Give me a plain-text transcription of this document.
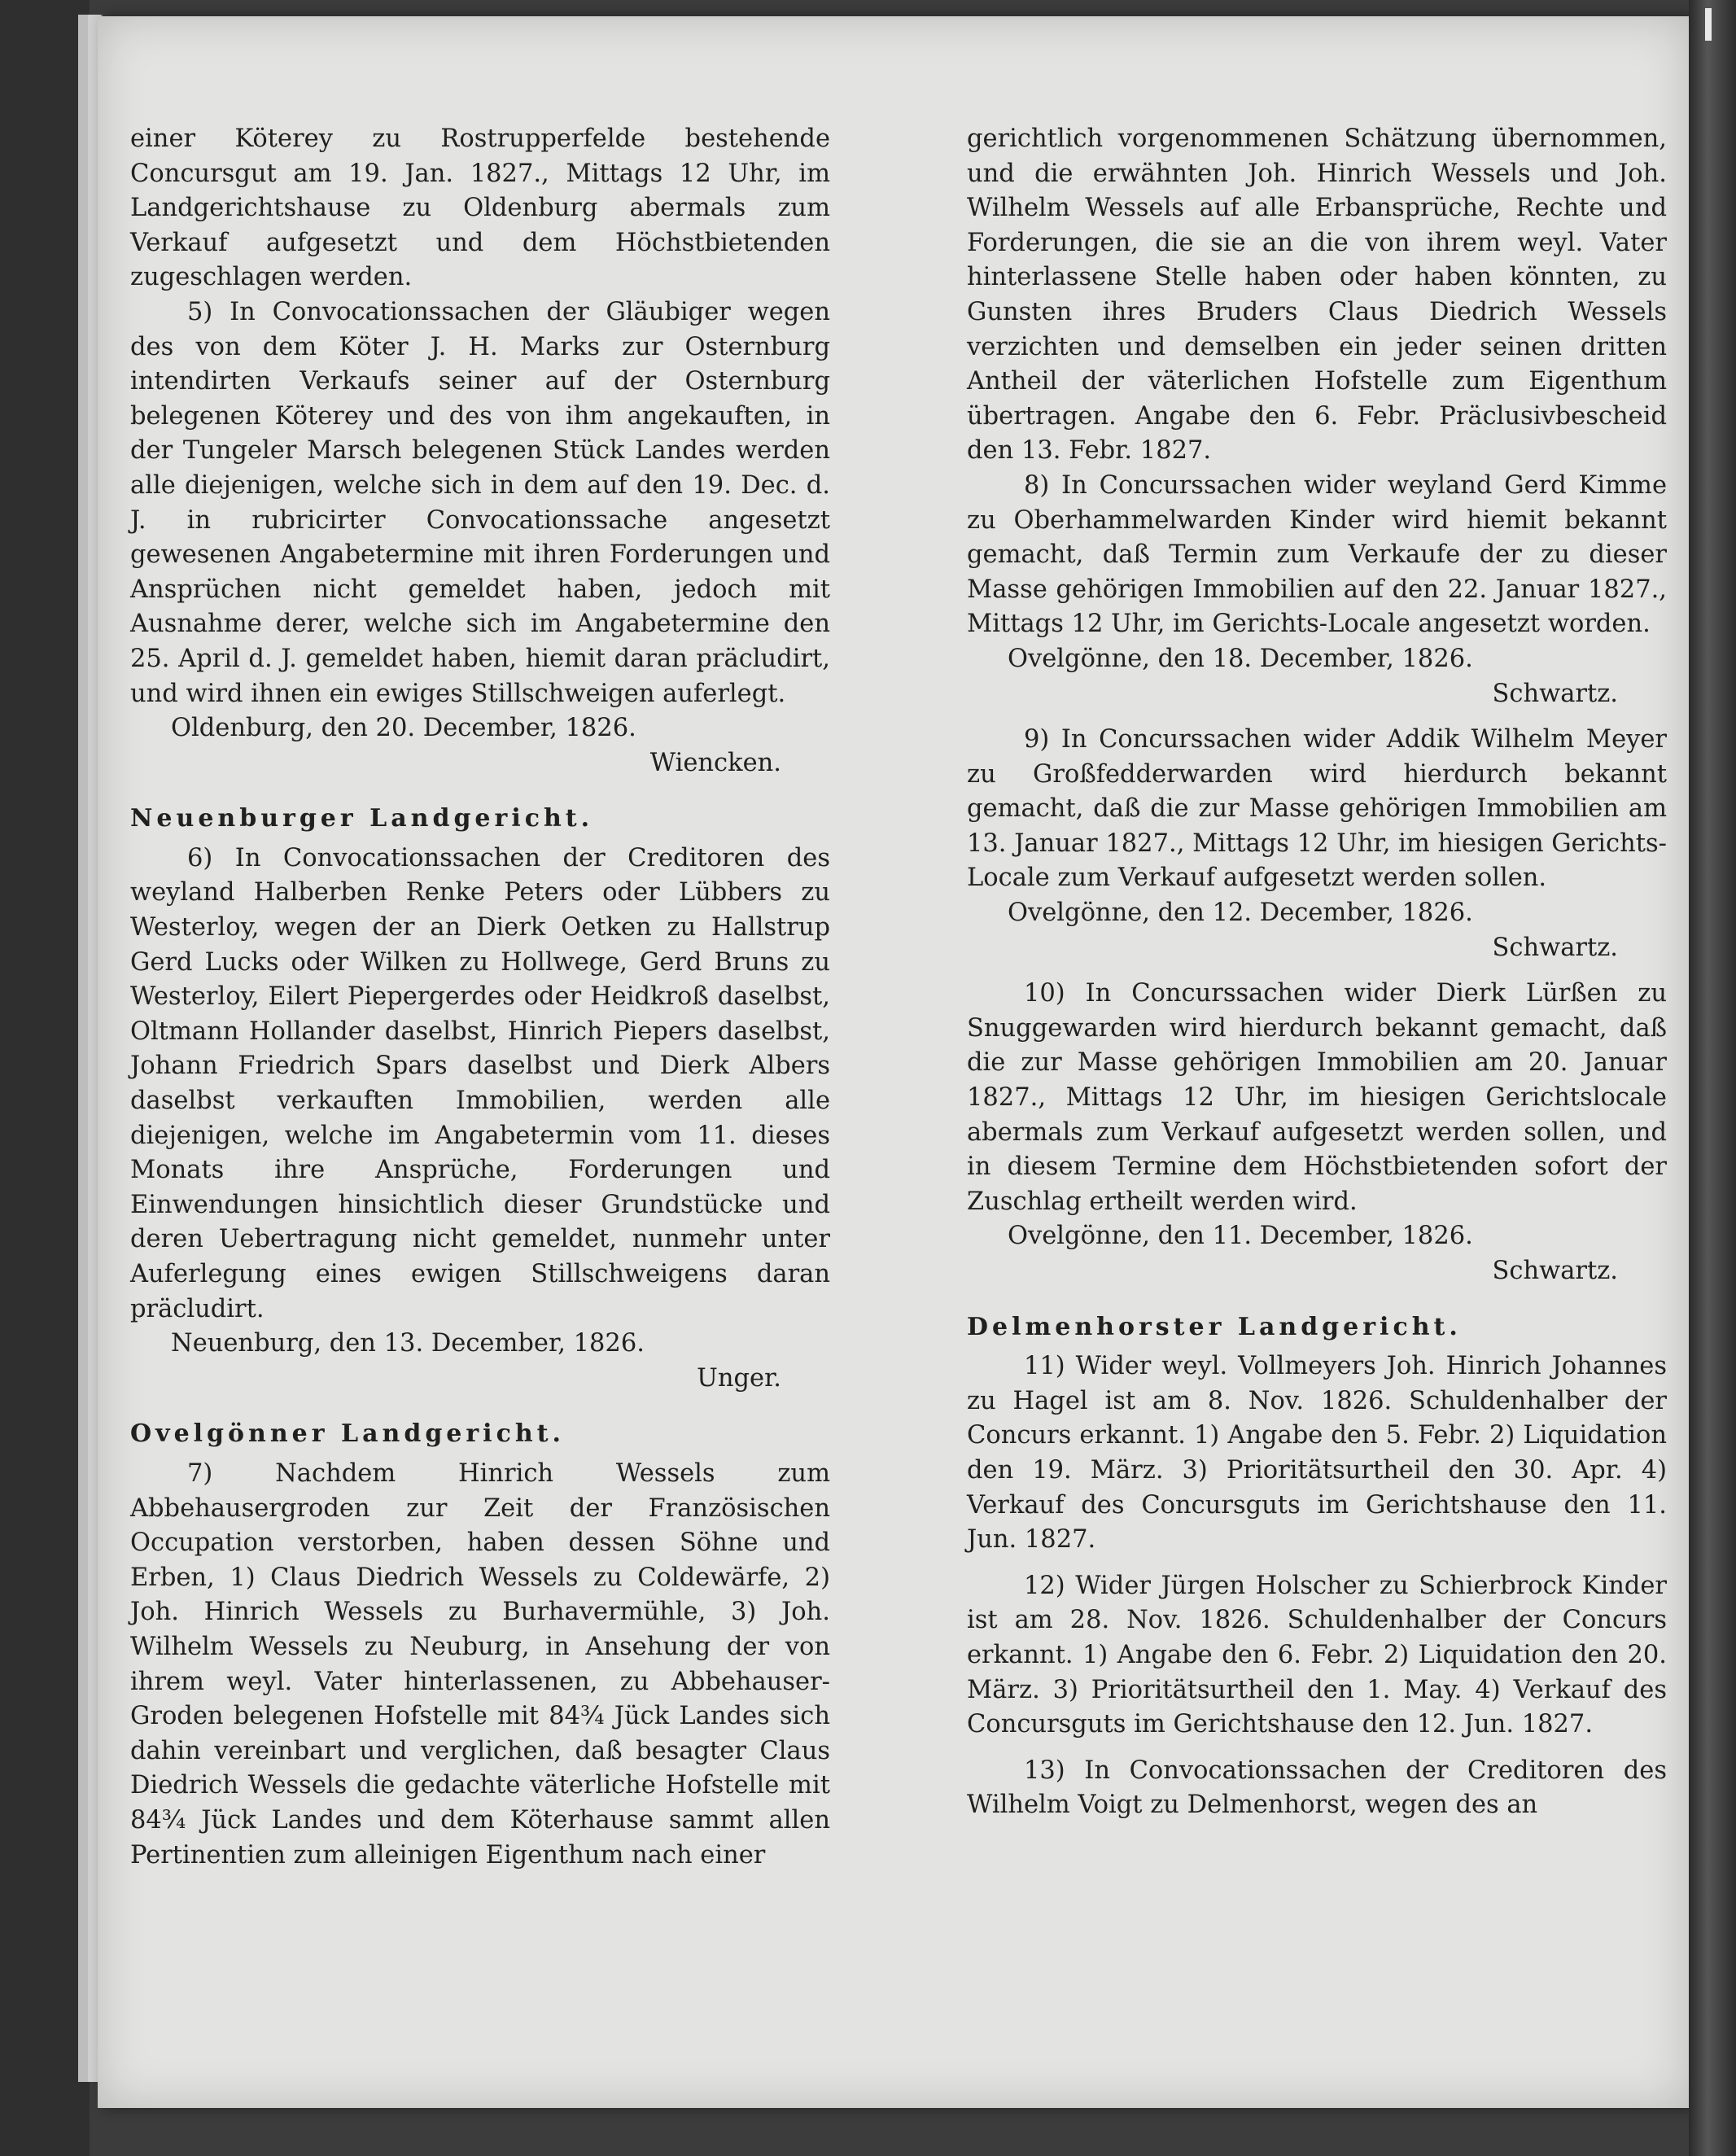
einer Köterey zu Rostrupperfelde bestehende Concursgut am 19. Jan. 1827., Mittags 12 Uhr, im Landgerichtshause zu Oldenburg abermals zum Verkauf aufgesetzt und dem Höchstbietenden zugeschlagen werden.

5) In Convocationssachen der Gläubiger wegen des von dem Köter J. H. Marks zur Osternburg intendirten Verkaufs seiner auf der Osternburg belegenen Köterey und des von ihm angekauften, in der Tungeler Marsch belegenen Stück Landes werden alle diejenigen, welche sich in dem auf den 19. Dec. d. J. in rubricirter Convocationssache angesetzt gewesenen Angabetermine mit ihren Forderungen und Ansprüchen nicht gemeldet haben, jedoch mit Ausnahme derer, welche sich im Angabetermine den 25. April d. J. gemeldet haben, hiemit daran präcludirt, und wird ihnen ein ewiges Stillschweigen auferlegt.

Oldenburg, den 20. December, 1826.

Wiencken.

Neuenburger Landgericht.

6) In Convocationssachen der Creditoren des weyland Halberben Renke Peters oder Lübbers zu Westerloy, wegen der an Dierk Oetken zu Hallstrup Gerd Lucks oder Wilken zu Hollwege, Gerd Bruns zu Westerloy, Eilert Piepergerdes oder Heidkroß daselbst, Oltmann Hollander daselbst, Hinrich Piepers daselbst, Johann Friedrich Spars daselbst und Dierk Albers daselbst verkauften Immobilien, werden alle diejenigen, welche im Angabetermin vom 11. dieses Monats ihre Ansprüche, Forderungen und Einwendungen hinsichtlich dieser Grundstücke und deren Uebertragung nicht gemeldet, nunmehr unter Auferlegung eines ewigen Stillschweigens daran präcludirt.

Neuenburg, den 13. December, 1826.

Unger.

Ovelgönner Landgericht.

7) Nachdem Hinrich Wessels zum Abbehausergroden zur Zeit der Französischen Occupation verstorben, haben dessen Söhne und Erben, 1) Claus Diedrich Wessels zu Coldewärfe, 2) Joh. Hinrich Wessels zu Burhavermühle, 3) Joh. Wilhelm Wessels zu Neuburg, in Ansehung der von ihrem weyl. Vater hinterlassenen, zu Abbehauser-Groden belegenen Hofstelle mit 84¾ Jück Landes sich dahin vereinbart und verglichen, daß besagter Claus Diedrich Wessels die gedachte väterliche Hofstelle mit 84¾ Jück Landes und dem Köterhause sammt allen Pertinentien zum alleinigen Eigenthum nach einer

gerichtlich vorgenommenen Schätzung übernommen, und die erwähnten Joh. Hinrich Wessels und Joh. Wilhelm Wessels auf alle Erbansprüche, Rechte und Forderungen, die sie an die von ihrem weyl. Vater hinterlassene Stelle haben oder haben könnten, zu Gunsten ihres Bruders Claus Diedrich Wessels verzichten und demselben ein jeder seinen dritten Antheil der väterlichen Hofstelle zum Eigenthum übertragen. Angabe den 6. Febr. Präclusivbescheid den 13. Febr. 1827.

8) In Concurssachen wider weyland Gerd Kimme zu Oberhammelwarden Kinder wird hiemit bekannt gemacht, daß Termin zum Verkaufe der zu dieser Masse gehörigen Immobilien auf den 22. Januar 1827., Mittags 12 Uhr, im Gerichts-Locale angesetzt worden.

Ovelgönne, den 18. December, 1826.

Schwartz.

9) In Concurssachen wider Addik Wilhelm Meyer zu Großfedderwarden wird hierdurch bekannt gemacht, daß die zur Masse gehörigen Immobilien am 13. Januar 1827., Mittags 12 Uhr, im hiesigen Gerichts-Locale zum Verkauf aufgesetzt werden sollen.

Ovelgönne, den 12. December, 1826.

Schwartz.

10) In Concurssachen wider Dierk Lürßen zu Snuggewarden wird hierdurch bekannt gemacht, daß die zur Masse gehörigen Immobilien am 20. Januar 1827., Mittags 12 Uhr, im hiesigen Gerichtslocale abermals zum Verkauf aufgesetzt werden sollen, und in diesem Termine dem Höchstbietenden sofort der Zuschlag ertheilt werden wird.

Ovelgönne, den 11. December, 1826.

Schwartz.

Delmenhorster Landgericht.

11) Wider weyl. Vollmeyers Joh. Hinrich Johannes zu Hagel ist am 8. Nov. 1826. Schuldenhalber der Concurs erkannt. 1) Angabe den 5. Febr. 2) Liquidation den 19. März. 3) Prioritätsurtheil den 30. Apr. 4) Verkauf des Concursguts im Gerichtshause den 11. Jun. 1827.

12) Wider Jürgen Holscher zu Schierbrock Kinder ist am 28. Nov. 1826. Schuldenhalber der Concurs erkannt. 1) Angabe den 6. Febr. 2) Liquidation den 20. März. 3) Prioritätsurtheil den 1. May. 4) Verkauf des Concursguts im Gerichtshause den 12. Jun. 1827.

13) In Convocationssachen der Creditoren des Wilhelm Voigt zu Delmenhorst, wegen des an
